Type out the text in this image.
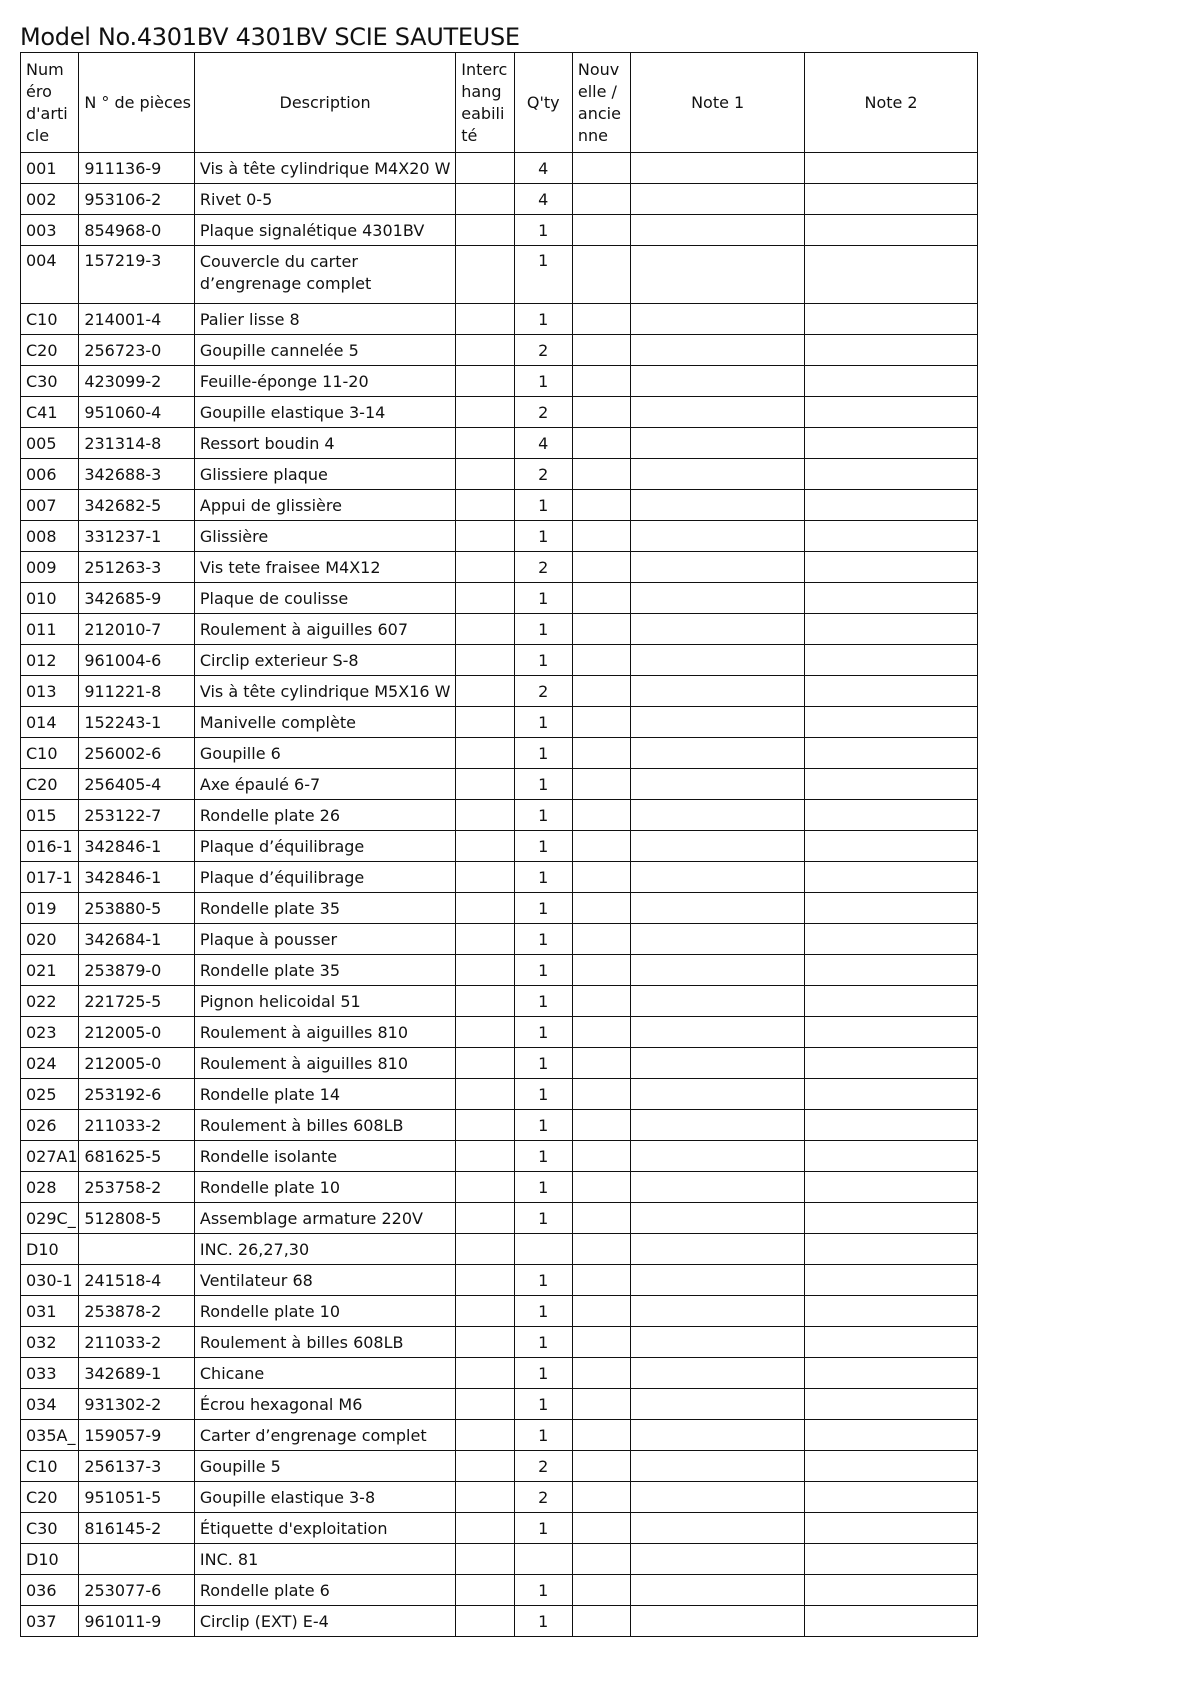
Model No.4301BV 4301BV SCIE SAUTEUSE
Numéro d'article	N ° de pièces	Description	Interchangeabilité	Q'ty	Nouvelle / ancienne	Note 1	Note 2
001	911136-9	Vis à tête cylindrique M4X20 W		4			
002	953106-2	Rivet 0-5		4			
003	854968-0	Plaque signalétique 4301BV		1			
004	157219-3	Couvercle du carter d’engrenage complet		1			
C10	214001-4	Palier lisse 8		1			
C20	256723-0	Goupille cannelée 5		2			
C30	423099-2	Feuille-éponge 11-20		1			
C41	951060-4	Goupille elastique 3-14		2			
005	231314-8	Ressort boudin 4		4			
006	342688-3	Glissiere plaque		2			
007	342682-5	Appui de glissière		1			
008	331237-1	Glissière		1			
009	251263-3	Vis tete fraisee M4X12		2			
010	342685-9	Plaque de coulisse		1			
011	212010-7	Roulement à aiguilles 607		1			
012	961004-6	Circlip exterieur S-8		1			
013	911221-8	Vis à tête cylindrique M5X16 W		2			
014	152243-1	Manivelle complète		1			
C10	256002-6	Goupille 6		1			
C20	256405-4	Axe épaulé 6-7		1			
015	253122-7	Rondelle plate 26		1			
016-1	342846-1	Plaque d’équilibrage		1			
017-1	342846-1	Plaque d’équilibrage		1			
019	253880-5	Rondelle plate 35		1			
020	342684-1	Plaque à pousser		1			
021	253879-0	Rondelle plate 35		1			
022	221725-5	Pignon helicoidal 51		1			
023	212005-0	Roulement à aiguilles 810		1			
024	212005-0	Roulement à aiguilles 810		1			
025	253192-6	Rondelle plate 14		1			
026	211033-2	Roulement à billes 608LB		1			
027A1	681625-5	Rondelle isolante		1			
028	253758-2	Rondelle plate 10		1			
029C_	512808-5	Assemblage armature 220V		1			
D10		INC. 26,27,30					
030-1	241518-4	Ventilateur 68		1			
031	253878-2	Rondelle plate 10		1			
032	211033-2	Roulement à billes 608LB		1			
033	342689-1	Chicane		1			
034	931302-2	Écrou hexagonal M6		1			
035A_	159057-9	Carter d’engrenage complet		1			
C10	256137-3	Goupille 5		2			
C20	951051-5	Goupille elastique 3-8		2			
C30	816145-2	Étiquette d'exploitation		1			
D10		INC. 81					
036	253077-6	Rondelle plate 6		1			
037	961011-9	Circlip (EXT) E-4		1			
